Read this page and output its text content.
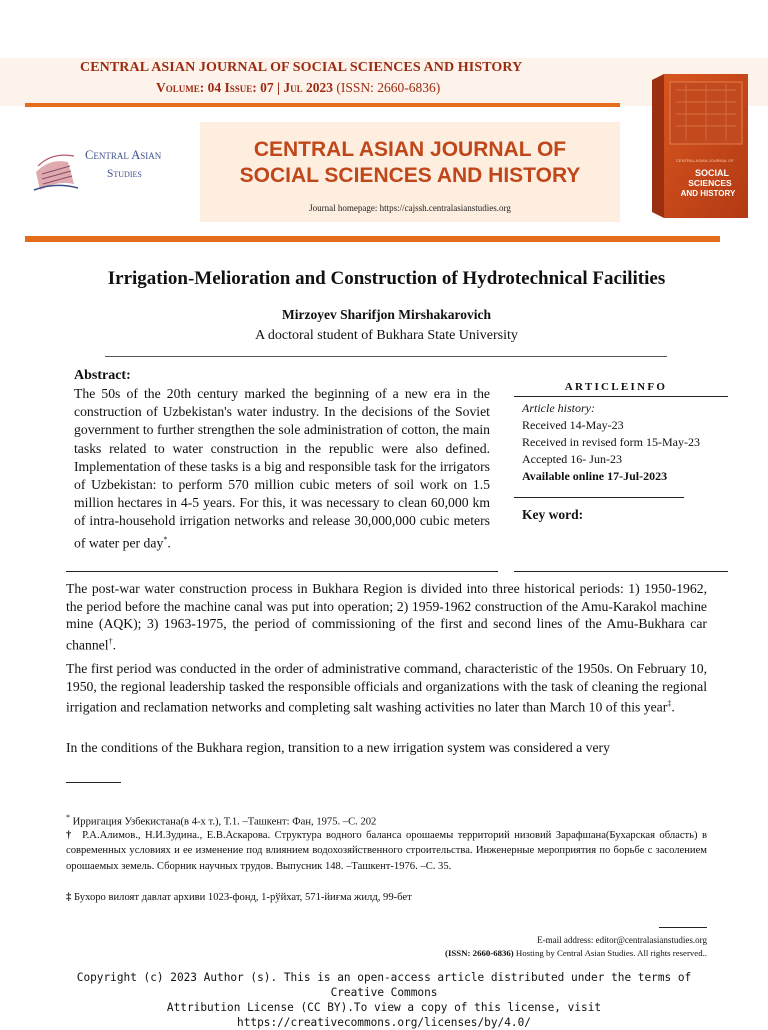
CENTRAL ASIAN JOURNAL OF SOCIAL SCIENCES AND HISTORY
Volume: 04 Issue: 07 | Jul 2023 (ISSN: 2660-6836)
CENTRAL ASIAN JOURNAL OF
SOCIAL SCIENCES AND HISTORY
Journal homepage: https://cajssh.centralasianstudies.org
Central Asian
Studies
CENTRAL ASIAN JOURNAL OF
SOCIAL
SCIENCES
AND HISTORY
Irrigation-Melioration and Construction of Hydrotechnical Facilities
Mirzoyev Sharifjon Mirshakarovich
A doctoral student of Bukhara State University
Abstract:
The 50s of the 20th century marked the beginning of a new era in the construction of Uzbekistan's water industry. In the decisions of the Soviet government to further strengthen the sole administration of cotton, the main tasks related to water construction in the republic were also defined. Implementation of these tasks is a big and responsible task for the irrigators of Uzbekistan: to perform 570 million cubic meters of soil work on 1.5 million hectares in 4-5 years. For this, it was necessary to clean 60,000 km of intra-household irrigation networks and release 30,000,000 cubic meters of water per day*.
ARTICLEINFO
Article history:
Received 14-May-23
Received in revised form 15-May-23
Accepted 16- Jun-23
Available online 17-Jul-2023
Key word:
The post-war water construction process in Bukhara Region is divided into three historical periods: 1) 1950-1962, the period before the machine canal was put into operation; 2) 1959-1962 construction of the Amu-Karakol machine mine (AQK); 3) 1963-1975, the period of commissioning of the first and second lines of the Amu-Bukhara car channel†.
The first period was conducted in the order of administrative command, characteristic of the 1950s. On February 10, 1950, the regional leadership tasked the responsible officials and organizations with the task of cleaning the regional irrigation and reclamation networks and completing salt washing activities no later than March 10 of this year‡.
In the conditions of the Bukhara region, transition to a new irrigation system was considered a very
* Ирригация Узбекистана(в 4-х т.), Т.1. –Ташкент: Фан, 1975. –С. 202
† Р.А.Алимов., Н.И.Зудина., Е.В.Аскарова. Структура водного баланса орошаемы территорий низовий Зарафшана(Бухарская область) в современных условиях и ее изменение под влиянием водохозяйственного строительства. Инженерные мероприятия по борьбе с засолением орошаемых земель. Сборник научных трудов. Выпусник 148. –Ташкент-1976. –С. 35.
‡ Бухоро вилоят давлат архиви 1023-фонд, 1-рўйхат, 571-йиғма жилд, 99-бет
E-mail address: editor@centralasianstudies.org
(ISSN: 2660-6836) Hosting by Central Asian Studies. All rights reserved..
Copyright (c) 2023 Author (s). This is an open-access article distributed under the terms of Creative Commons
Attribution License (CC BY).To view a copy of this license, visit https://creativecommons.org/licenses/by/4.0/
